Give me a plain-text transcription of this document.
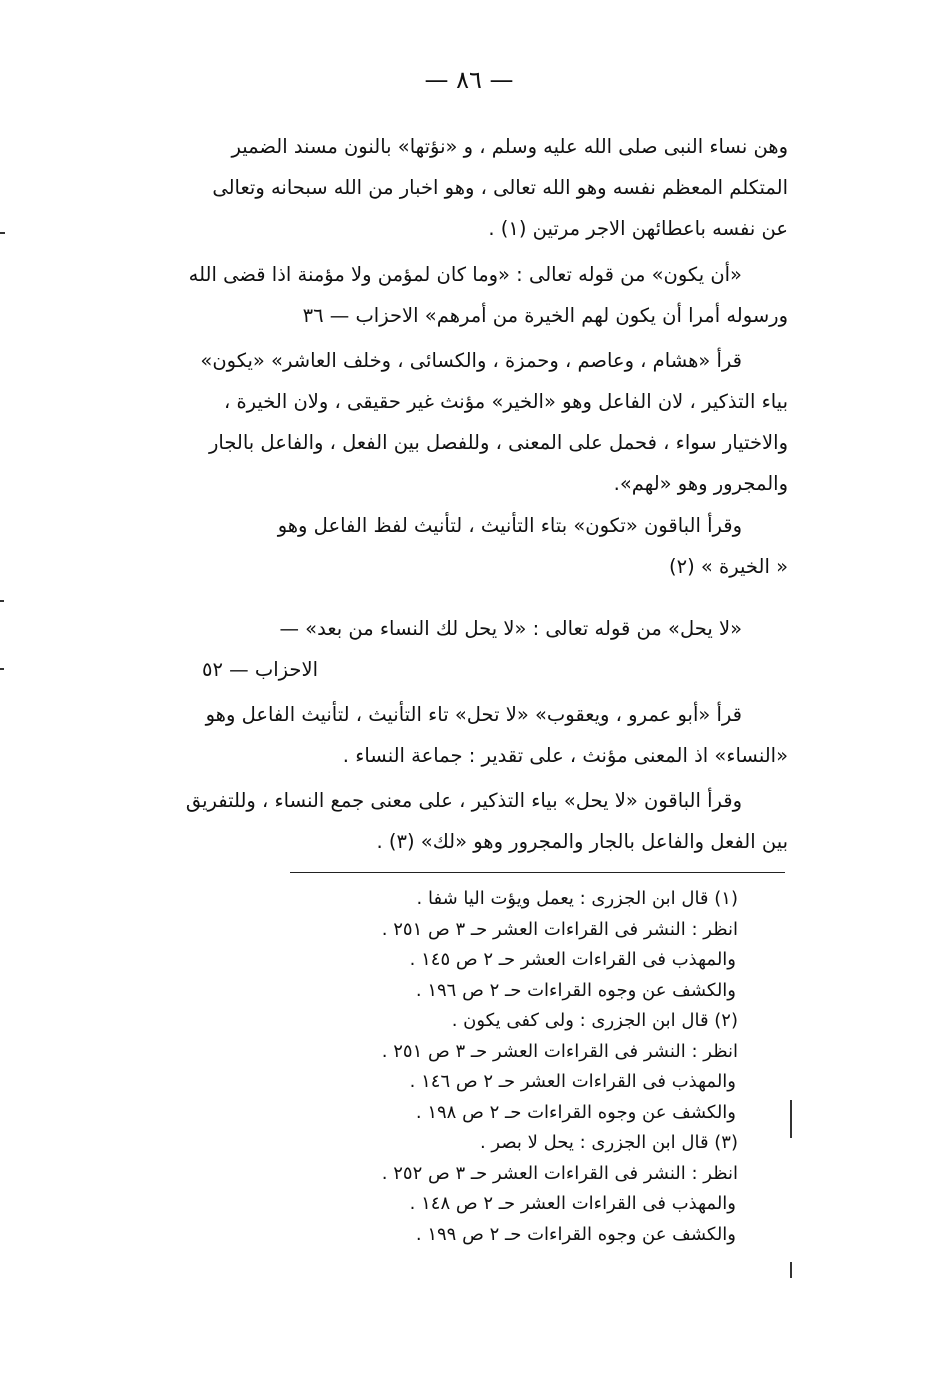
— ٨٦ —
وهن نساء النبى صلى الله عليه وسلم ، و «نؤتها» بالنون مسند الضمير
المتكلم المعظم نفسه وهو الله تعالى ، وهو اخبار من الله سبحانه وتعالى
عن نفسه باعطائهن الاجر مرتين (١) .
«أن يكون» من قوله تعالى : «وما كان لمؤمن ولا مؤمنة اذا قضى الله
ورسوله أمرا أن يكون لهم الخيرة من أمرهم» الاحزاب — ٣٦
قرأ «هشام ، وعاصم ، وحمزة ، والكسائى ، وخلف العاشر» «يكون»
بياء التذكير ، لان الفاعل وهو «الخير» مؤنث غير حقيقى ، ولان الخيرة ،
والاختيار سواء ، فحمل على المعنى ، وللفصل بين الفعل ، والفاعل بالجار
والمجرور وهو «لهم».
وقرأ الباقون «تكون» بتاء التأنيث ، لتأنيث لفظ الفاعل وهو
« الخيرة » (٢)
«لا يحل» من قوله تعالى : «لا يحل لك النساء من بعد» —
الاحزاب — ٥٢
قرأ «أبو عمرو ، ويعقوب» «لا تحل» تاء التأنيث ، لتأنيث الفاعل وهو
«النساء» اذ المعنى مؤنث ، على تقدير : جماعة النساء .
وقرأ الباقون «لا يحل» بياء التذكير ، على معنى جمع النساء ، وللتفريق
بين الفعل والفاعل بالجار والمجرور وهو «لك» (٣) .
(١) قال ابن الجزرى : يعمل ويؤت اليا شفا .
انظر : النشر فى القراءات العشر حـ ٣ ص ٢٥١ .
والمهذب فى القراءات العشر حـ ٢ ص ١٤٥ .
والكشف عن وجوه القراءات حـ ٢ ص ١٩٦ .
(٢) قال ابن الجزرى : ولى كفى يكون .
انظر : النشر فى القراءات العشر حـ ٣ ص ٢٥١ .
والمهذب فى القراءات العشر حـ ٢ ص ١٤٦ .
والكشف عن وجوه القراءات حـ ٢ ص ١٩٨ .
(٣) قال ابن الجزرى : يحل لا بصر .
انظر : النشر فى القراءات العشر حـ ٣ ص ٢٥٢ .
والمهذب فى القراءات العشر حـ ٢ ص ١٤٨ .
والكشف عن وجوه القراءات حـ ٢ ص ١٩٩ .
